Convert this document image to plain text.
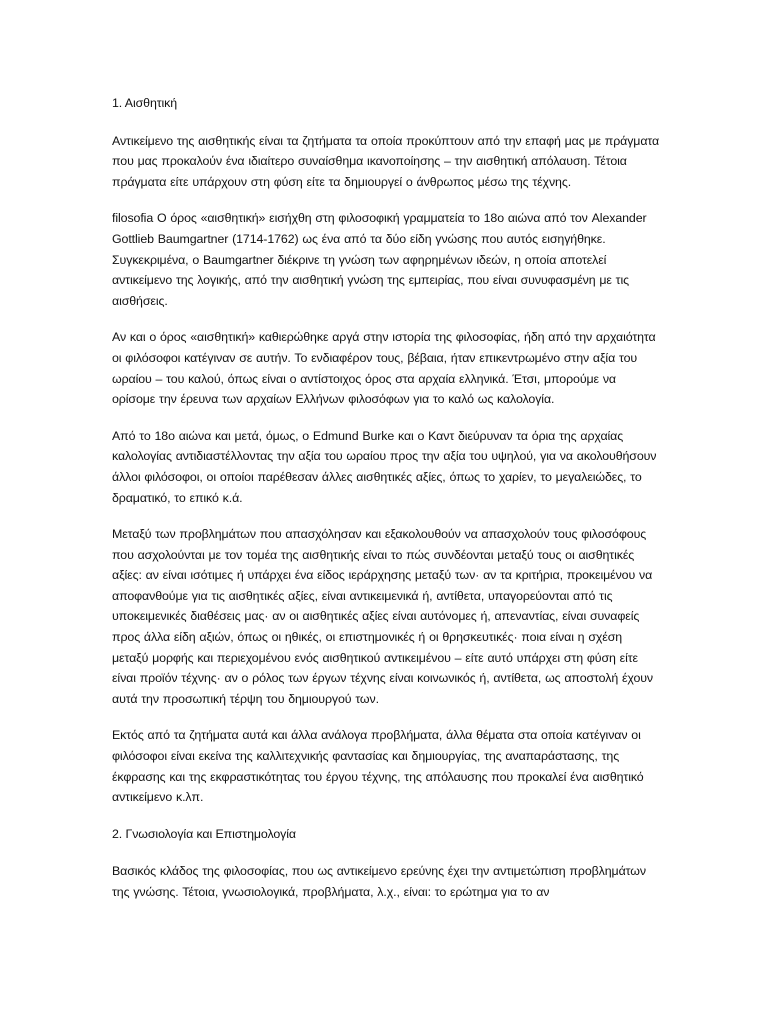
1. Αισθητική

Αντικείμενο της αισθητικής είναι τα ζητήματα τα οποία προκύπτουν από την επαφή μας με πράγματα που μας προκαλούν ένα ιδιαίτερο συναίσθημα ικανοποίησης – την αισθητική απόλαυση. Τέτοια πράγματα είτε υπάρχουν στη φύση είτε τα δημιουργεί ο άνθρωπος μέσω της τέχνης.

filosofia Ο όρος «αισθητική» εισήχθη στη φιλοσοφική γραμματεία το 18ο αιώνα από τον Alexander Gottlieb Baumgartner (1714-1762) ως ένα από τα δύο είδη γνώσης που αυτός εισηγήθηκε. Συγκεκριμένα, ο Baumgartner διέκρινε τη γνώση των αφηρημένων ιδεών, η οποία αποτελεί αντικείμενο της λογικής, από την αισθητική γνώση της εμπειρίας, που είναι συνυφασμένη με τις αισθήσεις.

Αν και ο όρος «αισθητική» καθιερώθηκε αργά στην ιστορία της φιλοσοφίας, ήδη από την αρχαιότητα οι φιλόσοφοι κατέγιναν σε αυτήν. Το ενδιαφέρον τους, βέβαια, ήταν επικεντρωμένο στην αξία του ωραίου – του καλού, όπως είναι ο αντίστοιχος όρος στα αρχαία ελληνικά. Έτσι, μπορούμε να ορίσομε την έρευνα των αρχαίων Ελλήνων φιλοσόφων για το καλό ως καλολογία.

Από το 18ο αιώνα και μετά, όμως, ο Edmund Burke και ο Καντ διεύρυναν τα όρια της αρχαίας καλολογίας αντιδιαστέλλοντας την αξία του ωραίου προς την αξία του υψηλού, για να ακολουθήσουν άλλοι φιλόσοφοι, οι οποίοι παρέθεσαν άλλες αισθητικές αξίες, όπως το χαρίεν, το μεγαλειώδες, το δραματικό, το επικό κ.ά.

Μεταξύ των προβλημάτων που απασχόλησαν και εξακολουθούν να απασχολούν τους φιλοσόφους που ασχολούνται με τον τομέα της αισθητικής είναι το πώς συνδέονται μεταξύ τους οι αισθητικές αξίες: αν είναι ισότιμες ή υπάρχει ένα είδος ιεράρχησης μεταξύ των· αν τα κριτήρια, προκειμένου να αποφανθούμε για τις αισθητικές αξίες, είναι αντικειμενικά ή, αντίθετα, υπαγορεύονται από τις υποκειμενικές διαθέσεις μας· αν οι αισθητικές αξίες είναι αυτόνομες ή, απεναντίας, είναι συναφείς προς άλλα είδη αξιών, όπως οι ηθικές, οι επιστημονικές ή οι θρησκευτικές· ποια είναι η σχέση μεταξύ μορφής και περιεχομένου ενός αισθητικού αντικειμένου – είτε αυτό υπάρχει στη φύση είτε είναι προϊόν τέχνης· αν ο ρόλος των έργων τέχνης είναι κοινωνικός ή, αντίθετα, ως αποστολή έχουν αυτά την προσωπική τέρψη του δημιουργού των.

Εκτός από τα ζητήματα αυτά και άλλα ανάλογα προβλήματα, άλλα θέματα στα οποία κατέγιναν οι φιλόσοφοι είναι εκείνα της καλλιτεχνικής φαντασίας και δημιουργίας, της αναπαράστασης, της έκφρασης και της εκφραστικότητας του έργου τέχνης, της απόλαυσης που προκαλεί ένα αισθητικό αντικείμενο κ.λπ.

2. Γνωσιολογία και Επιστημολογία

Βασικός κλάδος της φιλοσοφίας, που ως αντικείμενο ερεύνης έχει την αντιμετώπιση προβλημάτων της γνώσης. Τέτοια, γνωσιολογικά, προβλήματα, λ.χ., είναι: το ερώτημα για το αν
